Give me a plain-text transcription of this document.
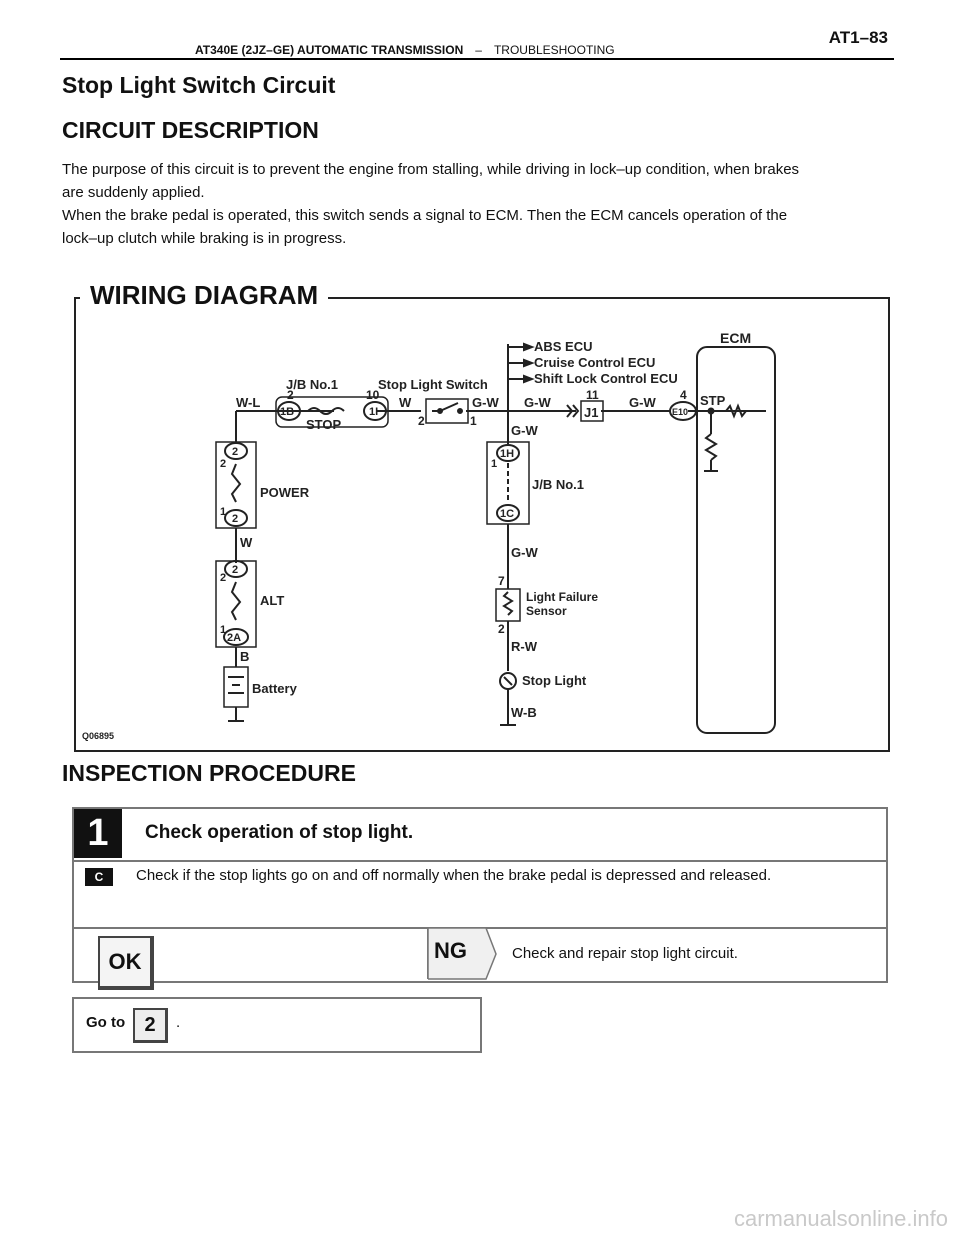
AT340E (2JZ–GE) AUTOMATIC TRANSMISSION – TROUBLESHOOTING
AT1–83
Stop Light Switch Circuit
CIRCUIT DESCRIPTION
The purpose of this circuit is to prevent the engine from stalling, while driving in lock–up condition, when brakes
are suddenly applied.
When the brake pedal is operated, this switch sends a signal to ECM. Then the ECM cancels operation of the
lock–up clutch while braking is in progress.
ECM
ABS ECU
Cruise Control ECU
Shift Lock Control ECU
J1	E10
J/B No.1	Stop Light Switch
STOP
W-L	W	G-W G-W	G-W
G-W
G-W
11	4 STP
2	10
2	1
1B	1I
1H
1C
J/B No.1
POWER
ALT
W
B
Battery
2
2
2
2A
2
1
2
1
7
2
1
Light Failure
Sensor
R-W
Stop Light
W-B
Q06895
WIRING DIAGRAM
INSPECTION PROCEDURE
1	Check operation of stop light.
C	Check if the stop lights go on and off normally when the brake pedal is depressed and released.
OK	NG	Check and repair stop light circuit.
Go to 2	.
carmanualsonline.info
